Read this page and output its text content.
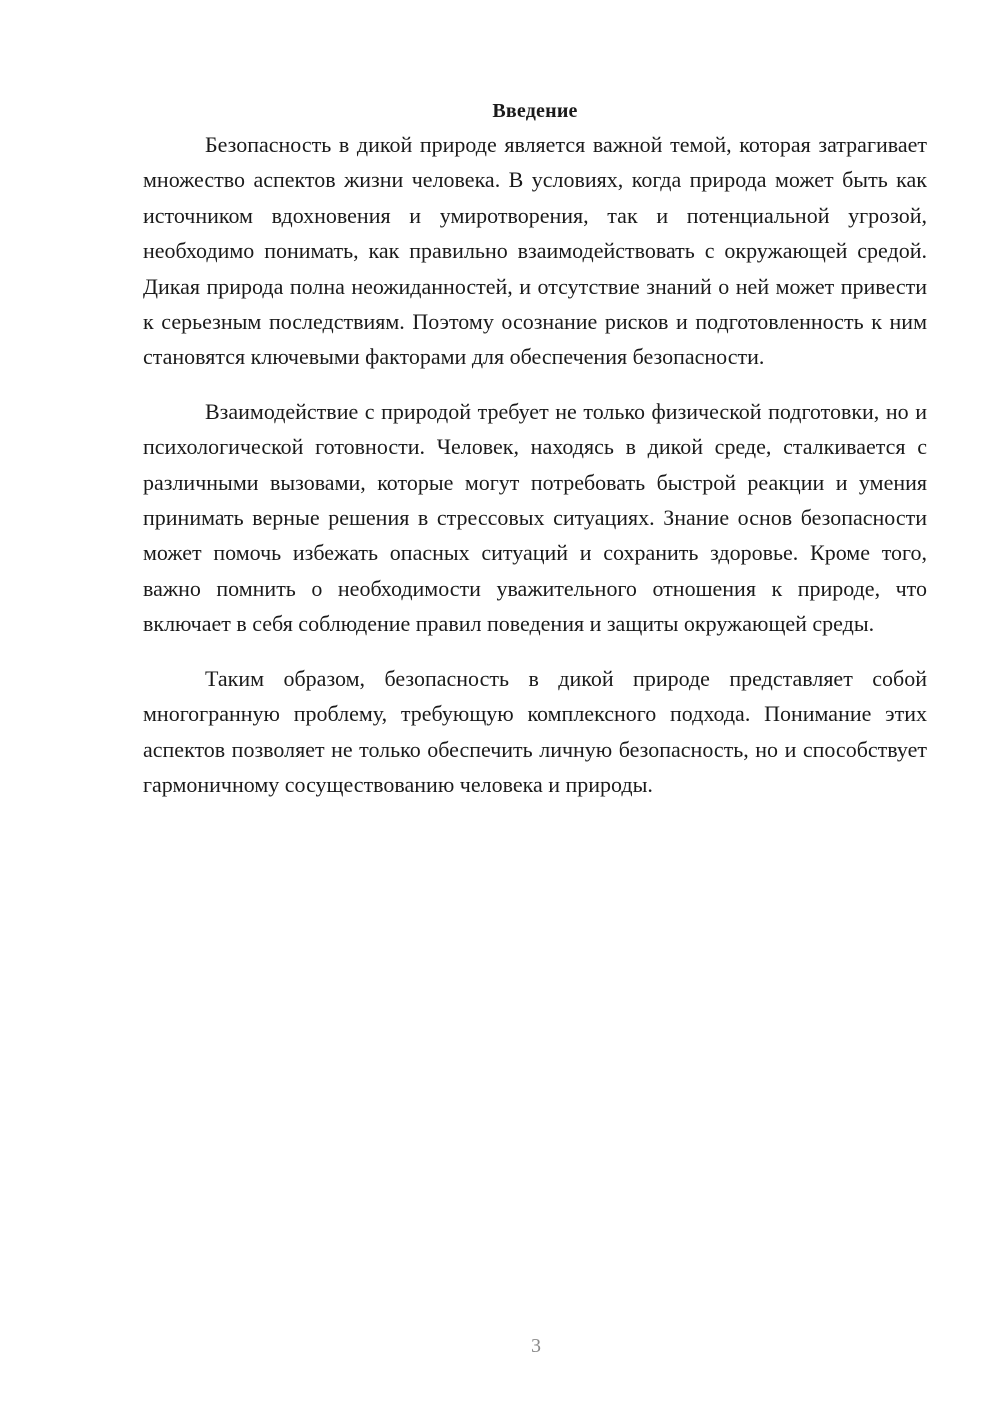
Введение

Безопасность в дикой природе является важной темой, которая затрагивает множество аспектов жизни человека. В условиях, когда природа может быть как источником вдохновения и умиротворения, так и потенциальной угрозой, необходимо понимать, как правильно взаимодействовать с окружающей средой. Дикая природа полна неожиданностей, и отсутствие знаний о ней может привести к серьезным последствиям. Поэтому осознание рисков и подготовленность к ним становятся ключевыми факторами для обеспечения безопасности.

Взаимодействие с природой требует не только физической подготовки, но и психологической готовности. Человек, находясь в дикой среде, сталкивается с различными вызовами, которые могут потребовать быстрой реакции и умения принимать верные решения в стрессовых ситуациях. Знание основ безопасности может помочь избежать опасных ситуаций и сохранить здоровье. Кроме того, важно помнить о необходимости уважительного отношения к природе, что включает в себя соблюдение правил поведения и защиты окружающей среды.

Таким образом, безопасность в дикой природе представляет собой многогранную проблему, требующую комплексного подхода. Понимание этих аспектов позволяет не только обеспечить личную безопасность, но и способствует гармоничному сосуществованию человека и природы.

3
